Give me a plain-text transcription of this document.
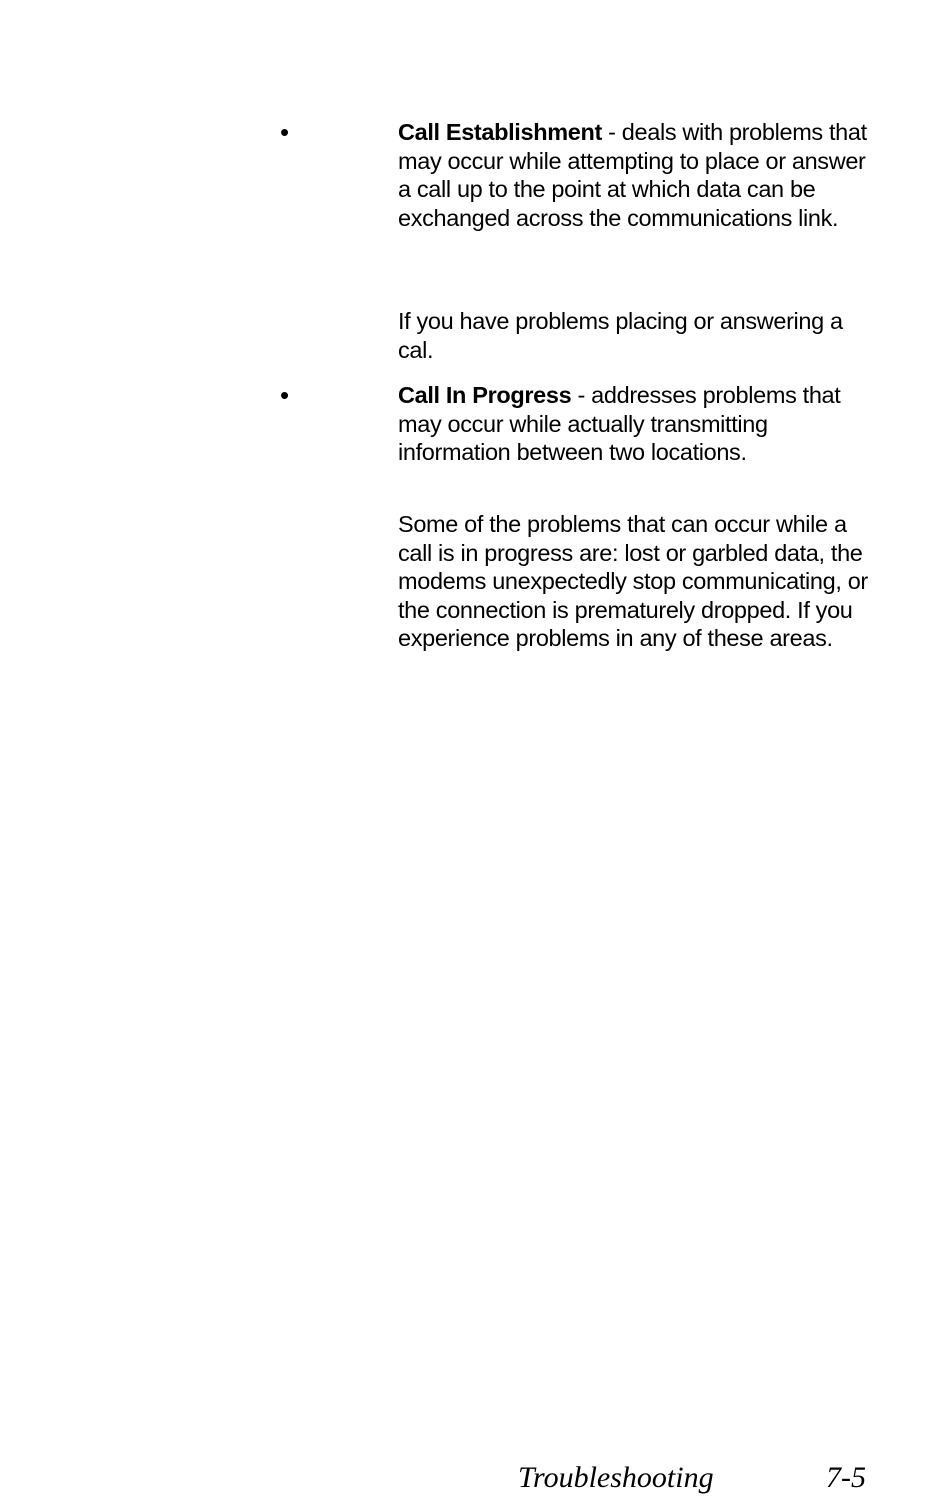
•	Call Establishment - deals with problems that may occur while attempting to place or answer a call up to the point at which data can be exchanged across the communications link.

If you have problems placing or answering a cal.

•	Call In Progress - addresses problems that may occur while actually transmitting information between two locations.

Some of the problems that can occur while a call is in progress are: lost or garbled data, the modems unexpectedly stop communicating, or the connection is prematurely dropped. If you experience problems in any of these areas.

Troubleshooting	7-5
